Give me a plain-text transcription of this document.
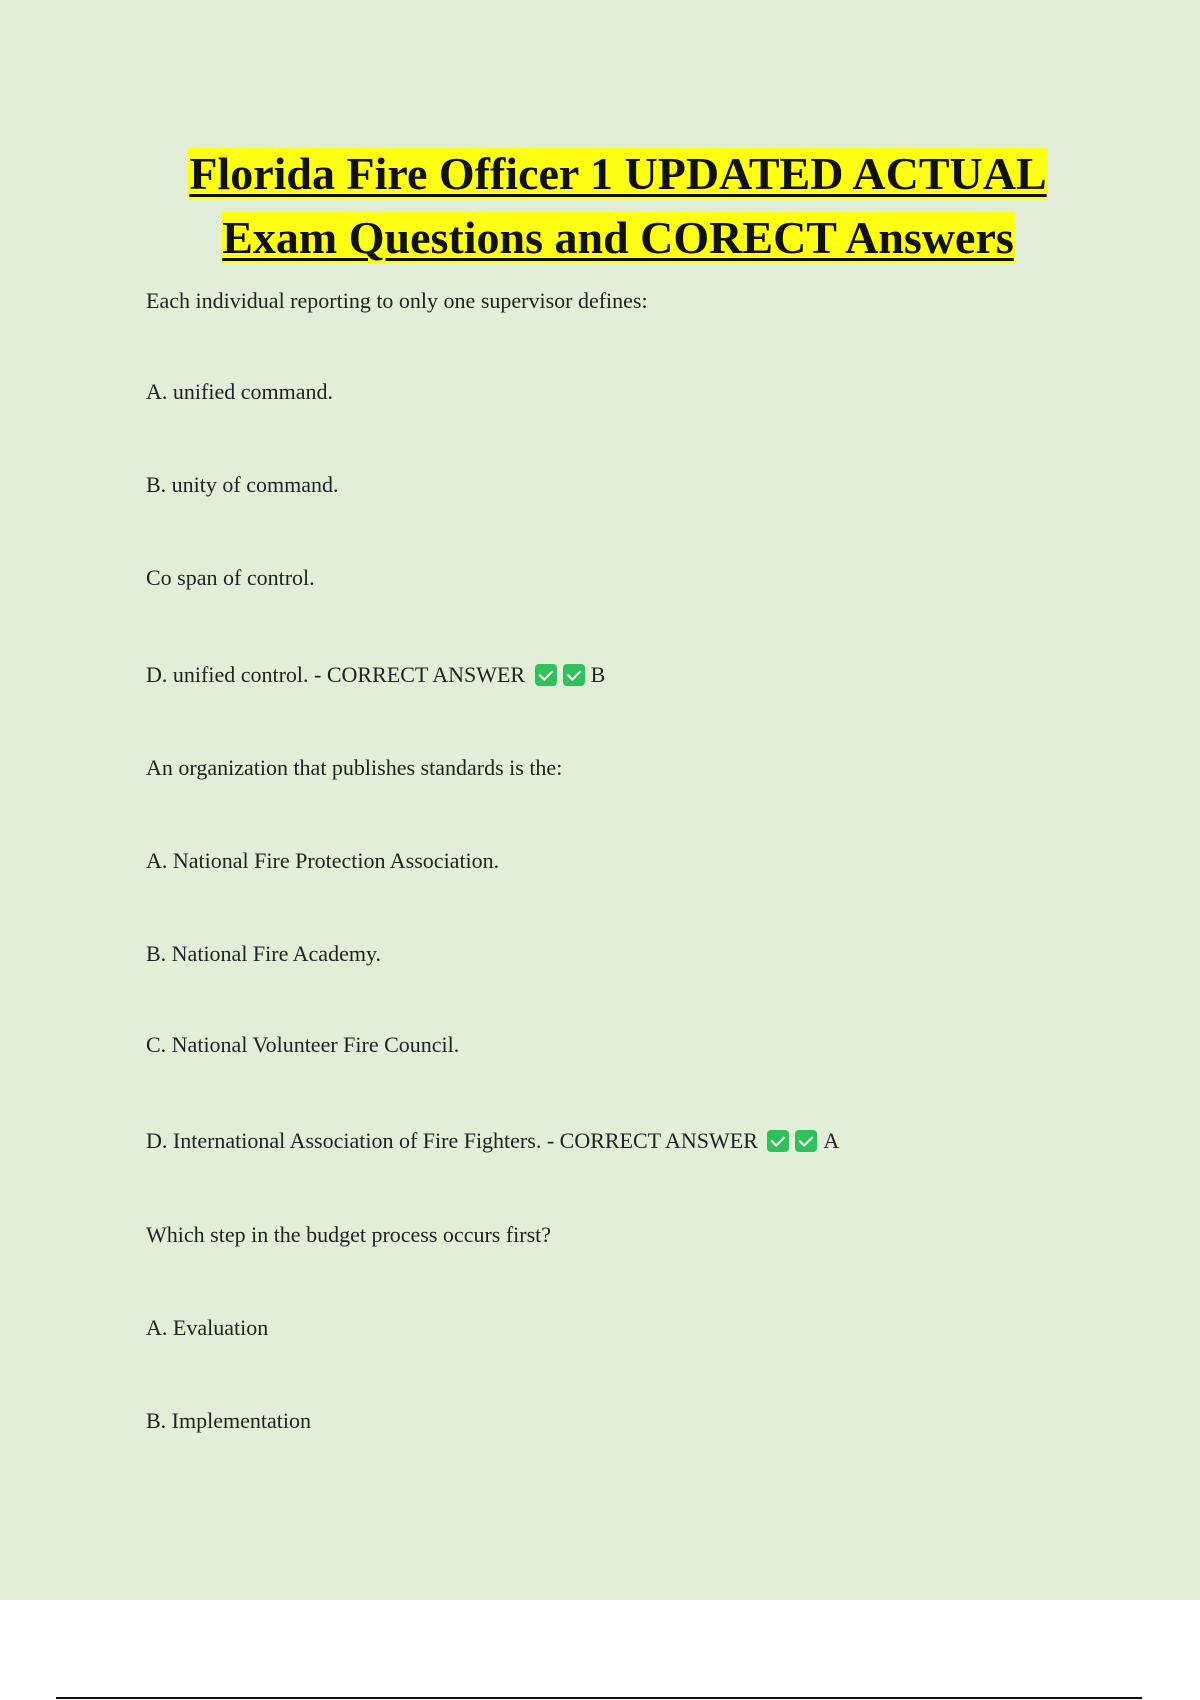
Florida Fire Officer 1 UPDATED ACTUAL
Exam Questions and CORECT Answers
Each individual reporting to only one supervisor defines:
A. unified command.
B. unity of command.
Co span of control.
D. unified control. - CORRECT ANSWER	B
An organization that publishes standards is the:
A. National Fire Protection Association.
B. National Fire Academy.
C. National Volunteer Fire Council.
D. International Association of Fire Fighters. - CORRECT ANSWER	A
Which step in the budget process occurs first?
A. Evaluation
B. Implementation
